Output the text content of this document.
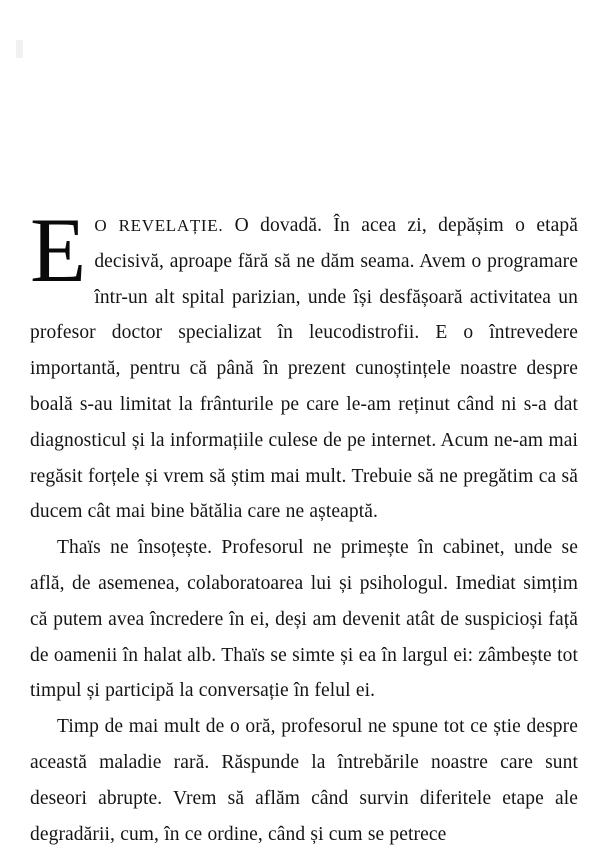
E O REVELAȚIE. O dovadă. În acea zi, depășim o etapă decisivă, aproape fără să ne dăm seama. Avem o programare într-un alt spital parizian, unde își desfășoară activitatea un profesor doctor specializat în leucodistrofii. E o întrevedere importantă, pentru că până în prezent cunoștințele noastre despre boală s-au limitat la frânturile pe care le-am reținut când ni s-a dat diagnosticul și la informațiile culese de pe internet. Acum ne-am mai regăsit forțele și vrem să știm mai mult. Trebuie să ne pregătim ca să ducem cât mai bine bătălia care ne așteaptă.

Thaïs ne însoțește. Profesorul ne primește în cabinet, unde se află, de asemenea, colaboratoarea lui și psihologul. Imediat simțim că putem avea încredere în ei, deși am devenit atât de suspicioși față de oamenii în halat alb. Thaïs se simte și ea în largul ei: zâmbește tot timpul și participă la conversație în felul ei.

Timp de mai mult de o oră, profesorul ne spune tot ce știe despre această maladie rară. Răspunde la întrebările noastre care sunt deseori abrupte. Vrem să aflăm când survin diferitele etape ale degradării, cum, în ce ordine, când și cum se petrece
